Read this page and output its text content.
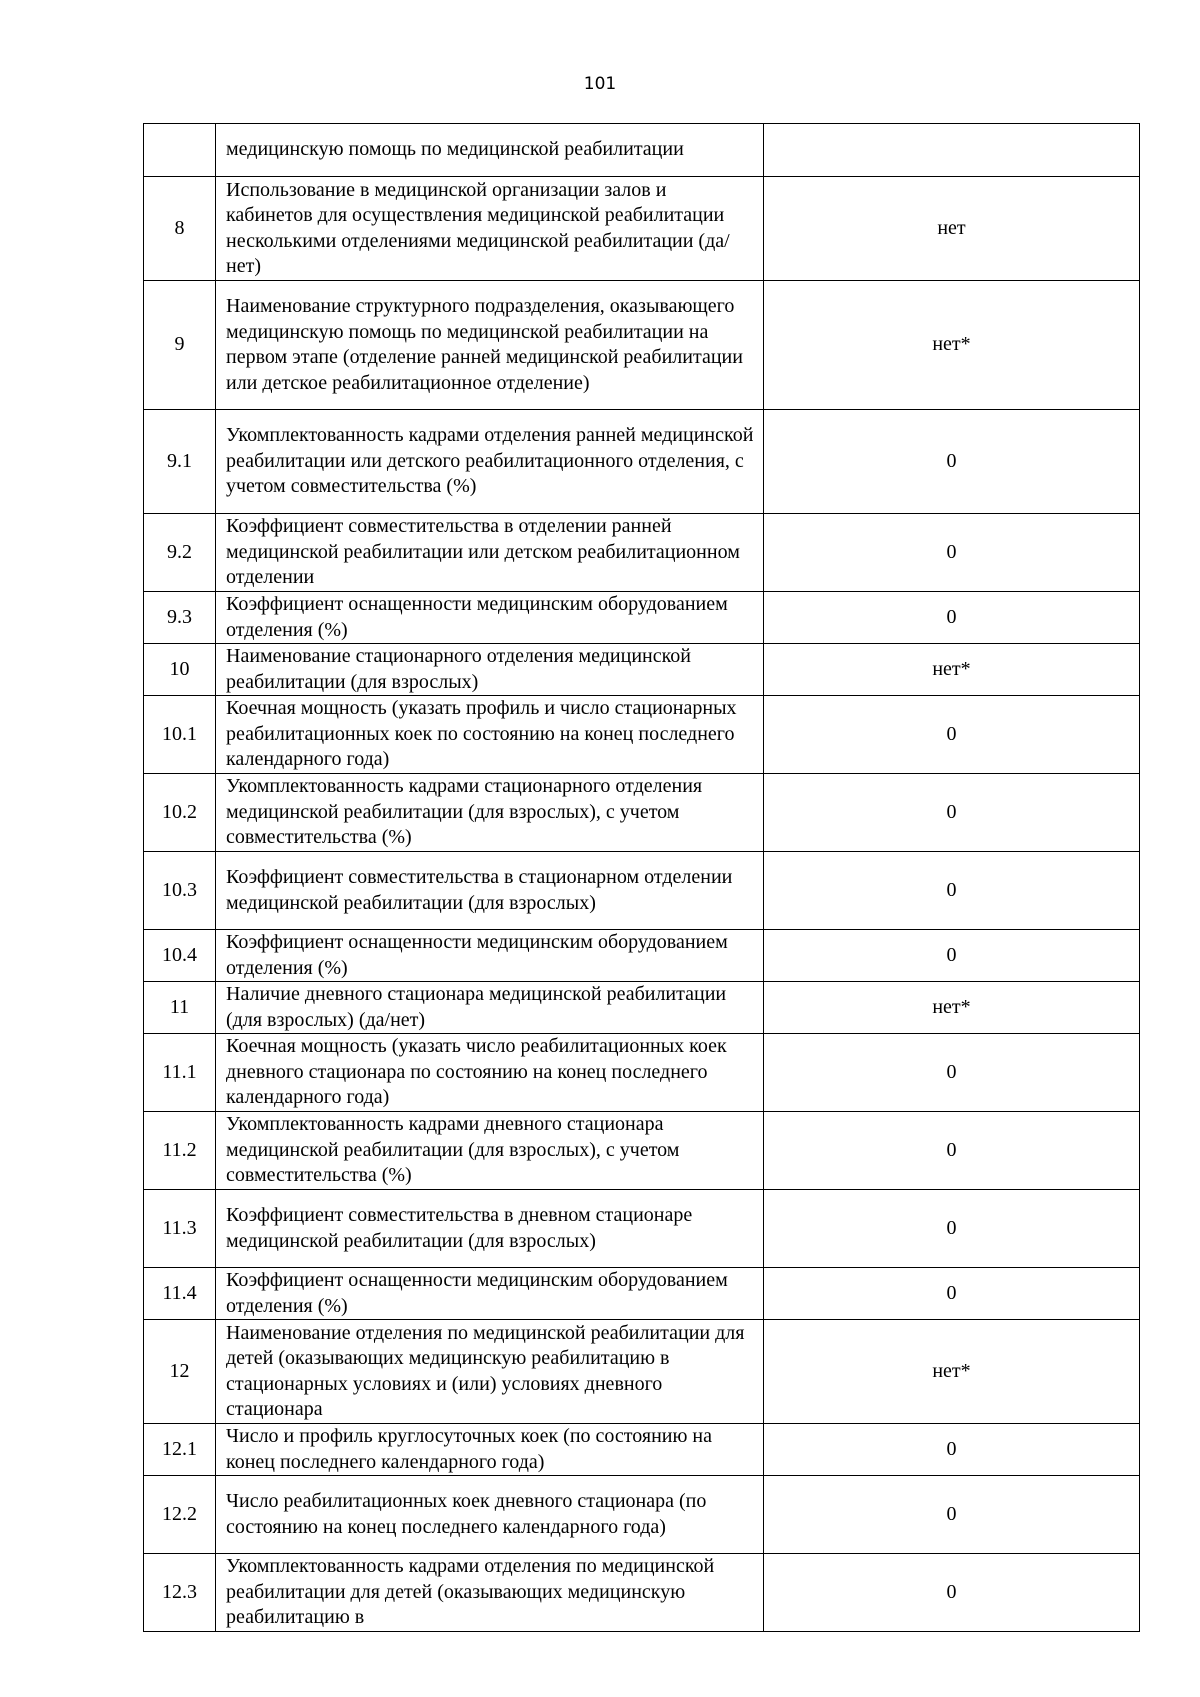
101
	медицинскую помощь по медицинской реабилитации	
8	Использование в медицинской организации залов и кабинетов для осуществления медицинской реабилитации несколькими отделениями медицинской реабилитации (да/нет)	нет
9	Наименование структурного подразделения, оказывающего медицинскую помощь по медицинской реабилитации на первом этапе (отделение ранней медицинской реабилитации или детское реабилитационное отделение)	нет*
9.1	Укомплектованность кадрами отделения ранней медицинской реабилитации или детского реабилитационного отделения, с учетом совместительства (%)	0
9.2	Коэффициент совместительства в отделении ранней медицинской реабилитации или детском реабилитационном отделении	0
9.3	Коэффициент оснащенности медицинским оборудованием отделения (%)	0
10	Наименование стационарного отделения медицинской реабилитации (для взрослых)	нет*
10.1	Коечная мощность (указать профиль и число стационарных реабилитационных коек по состоянию на конец последнего календарного года)	0
10.2	Укомплектованность кадрами стационарного отделения медицинской реабилитации (для взрослых), с учетом совместительства (%)	0
10.3	Коэффициент совместительства в стационарном отделении медицинской реабилитации (для взрослых)	0
10.4	Коэффициент оснащенности медицинским оборудованием отделения (%)	0
11	Наличие дневного стационара медицинской реабилитации (для взрослых) (да/нет)	нет*
11.1	Коечная мощность (указать число реабилитационных коек дневного стационара по состоянию на конец последнего календарного года)	0
11.2	Укомплектованность кадрами дневного стационара медицинской реабилитации (для взрослых), с учетом совместительства (%)	0
11.3	Коэффициент совместительства в дневном стационаре медицинской реабилитации (для взрослых)	0
11.4	Коэффициент оснащенности медицинским оборудованием отделения (%)	0
12	Наименование отделения по медицинской реабилитации для детей (оказывающих медицинскую реабилитацию в стационарных условиях и (или) условиях дневного стационара	нет*
12.1	Число и профиль круглосуточных коек (по состоянию на конец последнего календарного года)	0
12.2	Число реабилитационных коек дневного стационара (по состоянию на конец последнего календарного года)	0
12.3	Укомплектованность кадрами отделения по медицинской реабилитации для детей (оказывающих медицинскую реабилитацию в	0
